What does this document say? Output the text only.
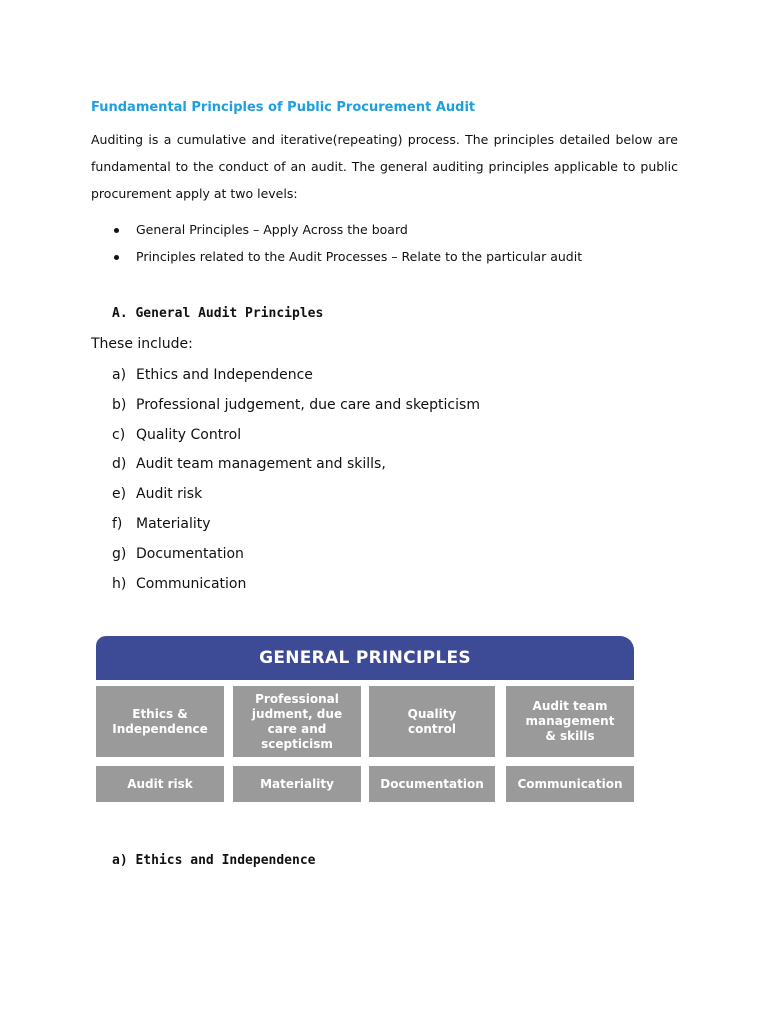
Fundamental Principles of Public Procurement Audit
Auditing is a cumulative and iterative(repeating) process. The principles detailed below are
fundamental to the conduct of an audit. The general auditing principles applicable to public
procurement apply at two levels:
General Principles – Apply Across the board
Principles related to the Audit Processes – Relate to the particular audit
A. General Audit Principles
These include:
a) Ethics and Independence
b) Professional judgement, due care and skepticism
c) Quality Control
d) Audit team management and skills,
e) Audit risk
f) Materiality
g) Documentation
h) Communication
GENERAL PRINCIPLES
Ethics &
Independence
Professional
judment, due
care and
scepticism
Quality
control
Audit team
management
& skills
Audit risk	Materiality	Documentation	Communication
a) Ethics and Independence
